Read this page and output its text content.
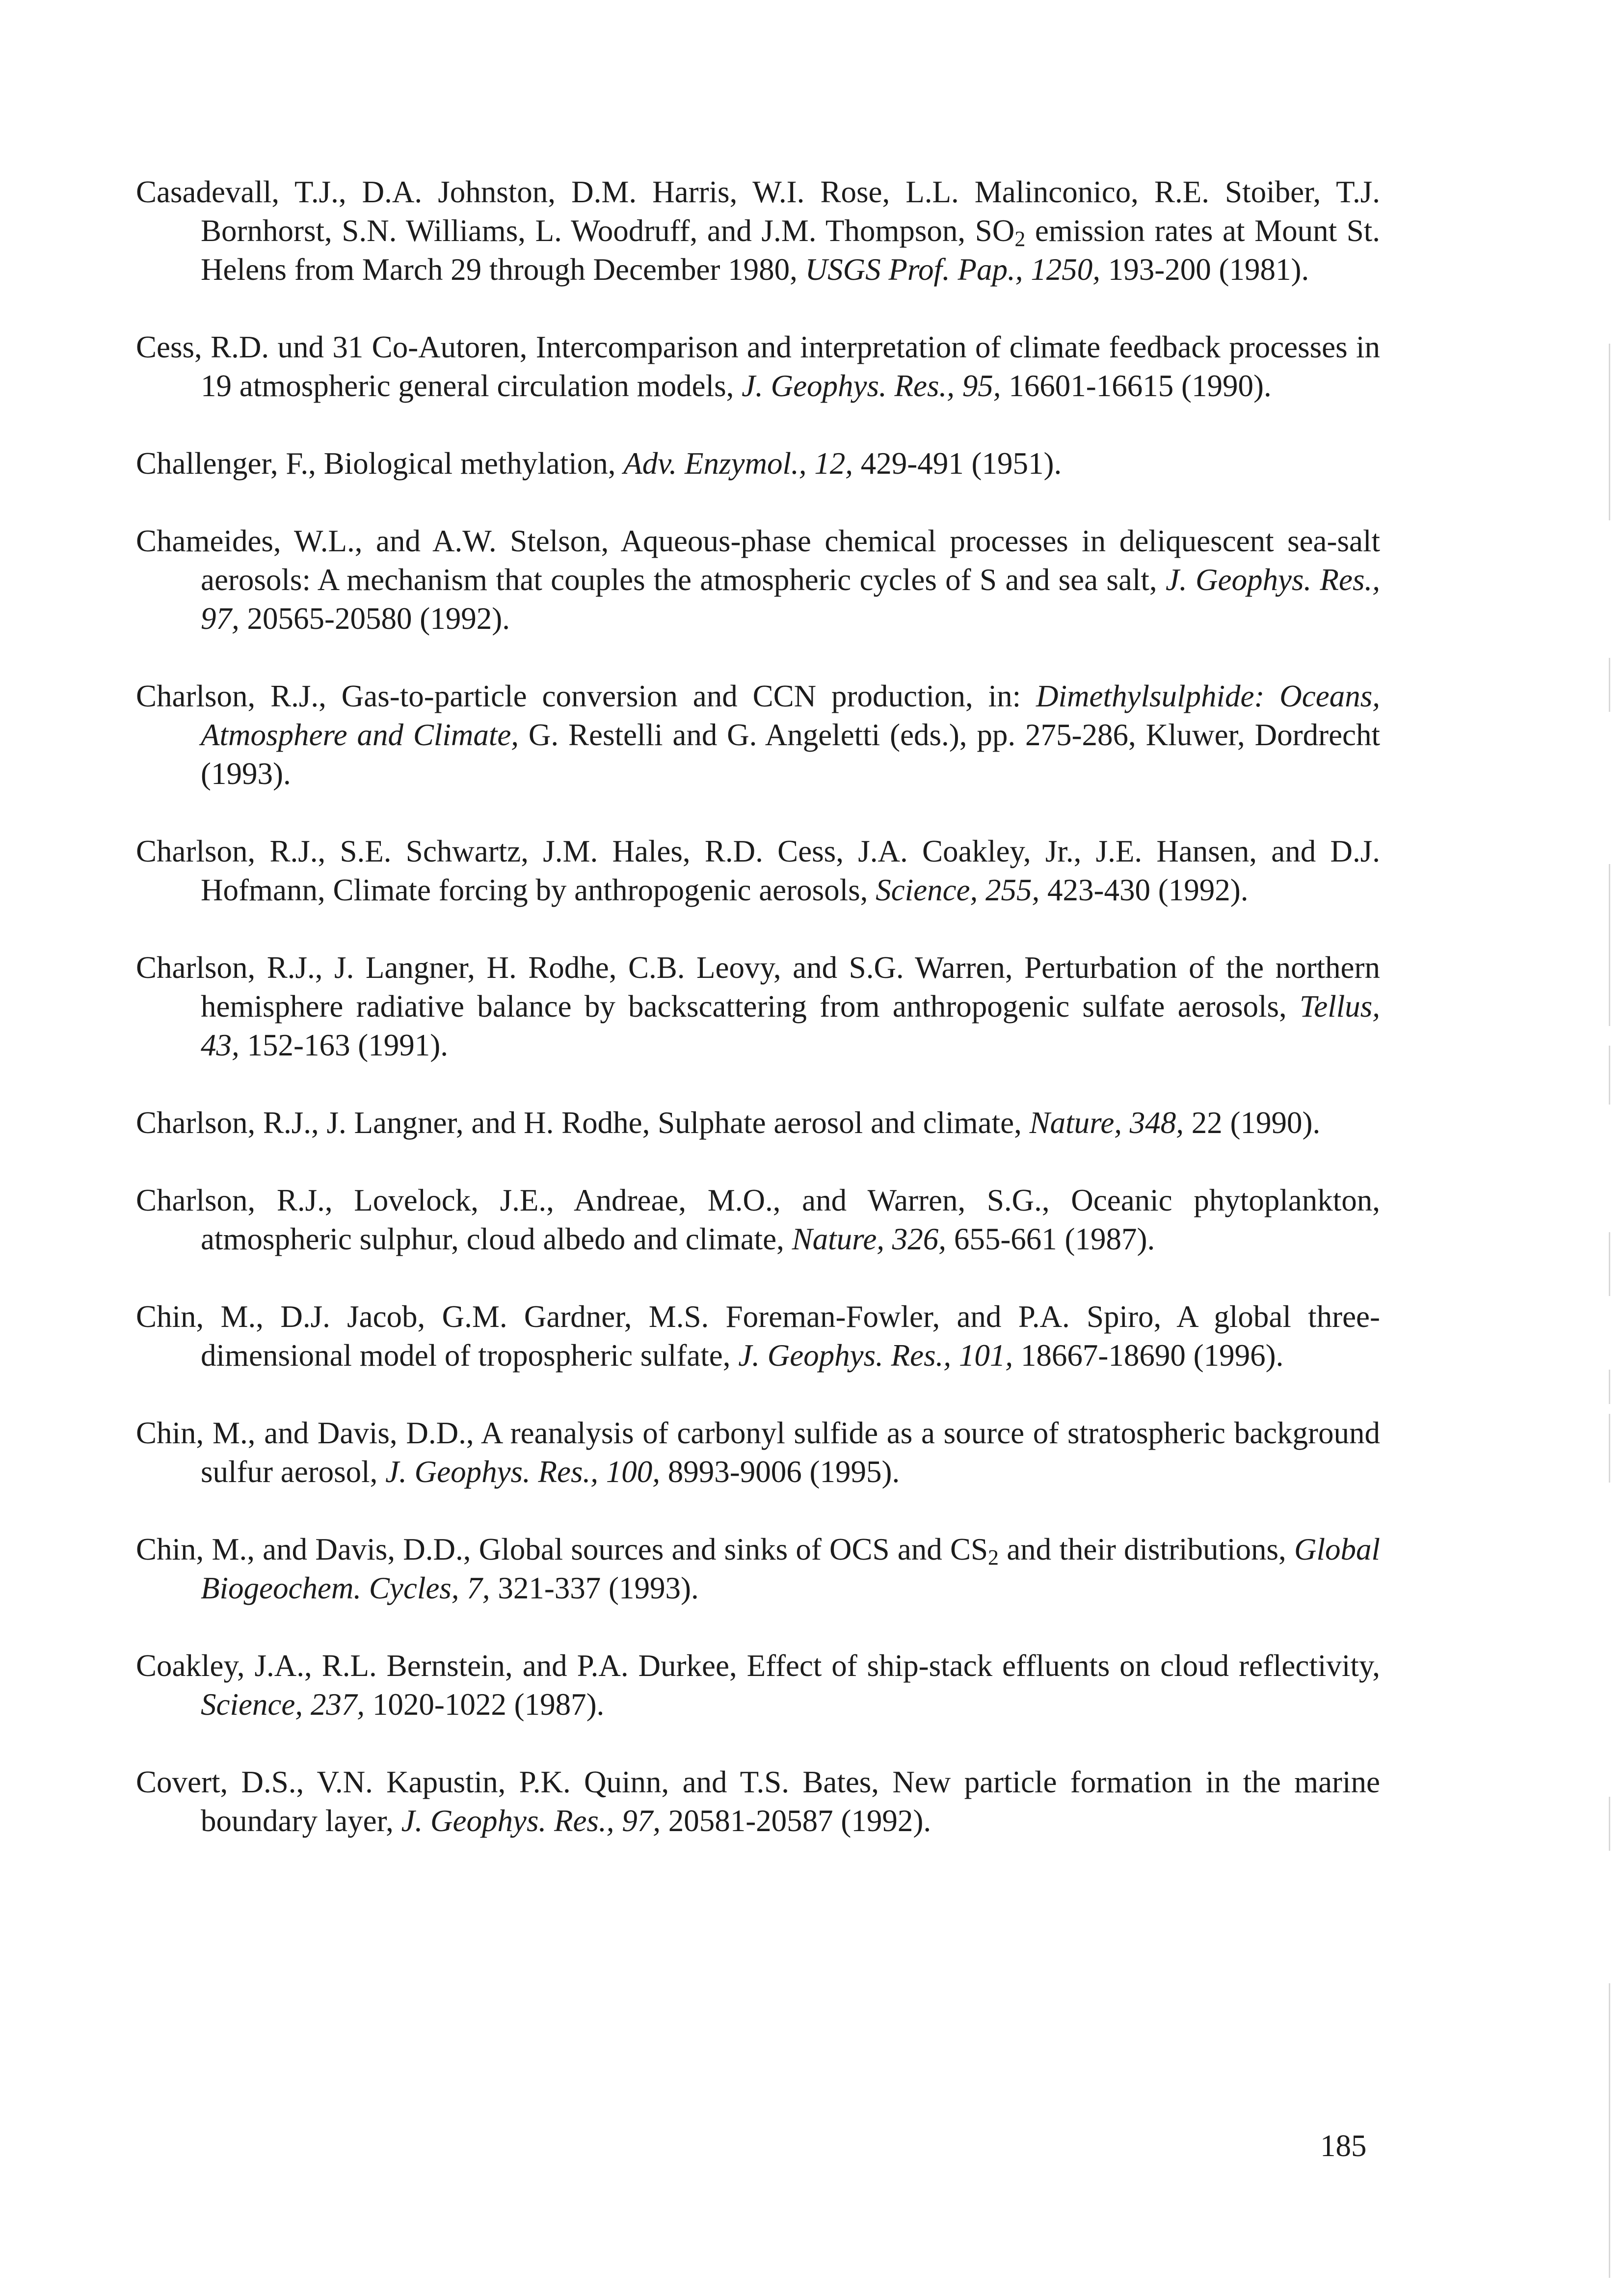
Casadevall, T.J., D.A. Johnston, D.M. Harris, W.I. Rose, L.L. Malinconico, R.E. Stoiber, T.J. Bornhorst, S.N. Williams, L. Woodruff, and J.M. Thompson, $SO_2$ emission rates at Mount St. Helens from March 29 through December 1980, USGS Prof. Pap., 1250, 193-200 (1981).

Cess, R.D. und 31 Co-Autoren, Intercomparison and interpretation of climate feedback processes in 19 atmospheric general circulation models, J. Geophys. Res., 95, 16601-16615 (1990).

Challenger, F., Biological methylation, Adv. Enzymol., 12, 429-491 (1951).

Chameides, W.L., and A.W. Stelson, Aqueous-phase chemical processes in deliquescent sea-salt aerosols: A mechanism that couples the atmospheric cycles of S and sea salt, J. Geophys. Res., 97, 20565-20580 (1992).

Charlson, R.J., Gas-to-particle conversion and CCN production, in: Dimethylsulphide: Oceans, Atmosphere and Climate, G. Restelli and G. Angeletti (eds.), pp. 275-286, Kluwer, Dordrecht (1993).

Charlson, R.J., S.E. Schwartz, J.M. Hales, R.D. Cess, J.A. Coakley, Jr., J.E. Hansen, and D.J. Hofmann, Climate forcing by anthropogenic aerosols, Science, 255, 423-430 (1992).

Charlson, R.J., J. Langner, H. Rodhe, C.B. Leovy, and S.G. Warren, Perturbation of the northern hemisphere radiative balance by backscattering from anthropogenic sulfate aerosols, Tellus, 43, 152-163 (1991).

Charlson, R.J., J. Langner, and H. Rodhe, Sulphate aerosol and climate, Nature, 348, 22 (1990).

Charlson, R.J., Lovelock, J.E., Andreae, M.O., and Warren, S.G., Oceanic phytoplankton, atmospheric sulphur, cloud albedo and climate, Nature, 326, 655-661 (1987).

Chin, M., D.J. Jacob, G.M. Gardner, M.S. Foreman-Fowler, and P.A. Spiro, A global three-dimensional model of tropospheric sulfate, J. Geophys. Res., 101, 18667-18690 (1996).

Chin, M., and Davis, D.D., A reanalysis of carbonyl sulfide as a source of stratospheric background sulfur aerosol, J. Geophys. Res., 100, 8993-9006 (1995).

Chin, M., and Davis, D.D., Global sources and sinks of OCS and $CS_2$ and their distributions, Global Biogeochem. Cycles, 7, 321-337 (1993).

Coakley, J.A., R.L. Bernstein, and P.A. Durkee, Effect of ship-stack effluents on cloud reflectivity, Science, 237, 1020-1022 (1987).

Covert, D.S., V.N. Kapustin, P.K. Quinn, and T.S. Bates, New particle formation in the marine boundary layer, J. Geophys. Res., 97, 20581-20587 (1992).

185
